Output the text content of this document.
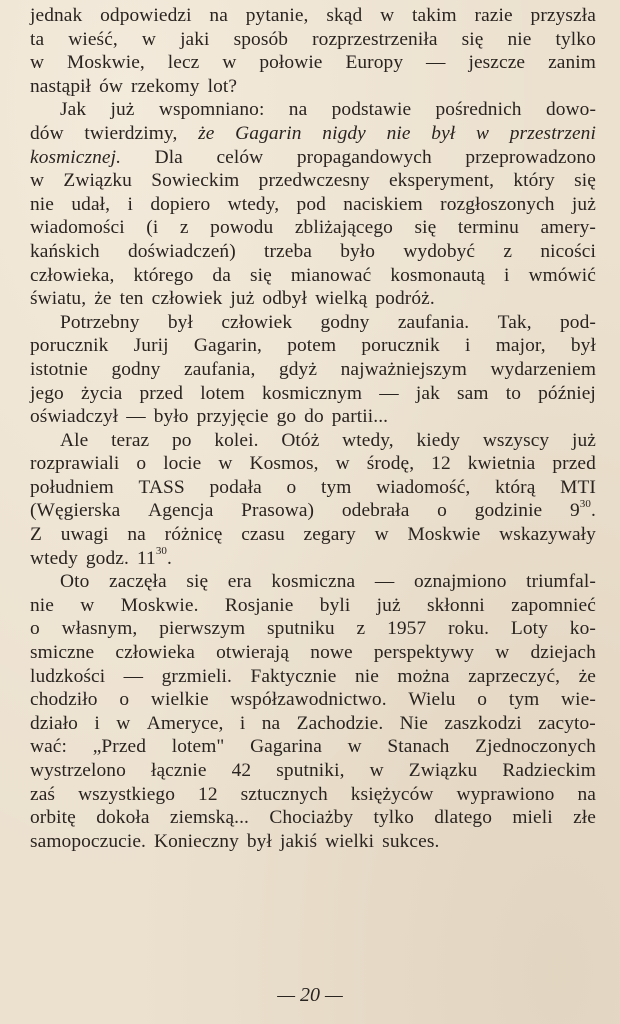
jednak odpowiedzi na pytanie, skąd w takim razie przyszła
ta wieść, w jaki sposób rozprzestrzeniła się nie tylko
w Moskwie, lecz w połowie Europy — jeszcze zanim
nastąpił ów rzekomy lot?
Jak już wspomniano: na podstawie pośrednich dowo-
dów twierdzimy, że Gagarin nigdy nie był w przestrzeni
kosmicznej. Dla celów propagandowych przeprowadzono
w Związku Sowieckim przedwczesny eksperyment, który się
nie udał, i dopiero wtedy, pod naciskiem rozgłoszonych już
wiadomości (i z powodu zbliżającego się terminu amery-
kańskich doświadczeń) trzeba było wydobyć z nicości
człowieka, którego da się mianować kosmonautą i wmówić
światu, że ten człowiek już odbył wielką podróż.
Potrzebny był człowiek godny zaufania. Tak, pod-
porucznik Jurij Gagarin, potem porucznik i major, był
istotnie godny zaufania, gdyż najważniejszym wydarzeniem
jego życia przed lotem kosmicznym — jak sam to później
oświadczył — było przyjęcie go do partii...
Ale teraz po kolei. Otóż wtedy, kiedy wszyscy już
rozprawiali o locie w Kosmos, w środę, 12 kwietnia przed
południem TASS podała o tym wiadomość, którą MTI
(Węgierska Agencja Prasowa) odebrała o godzinie $9^{30}$.
Z uwagi na różnicę czasu zegary w Moskwie wskazywały
wtedy godz. $11^{30}$.
Oto zaczęła się era kosmiczna — oznajmiono triumfal-
nie w Moskwie. Rosjanie byli już skłonni zapomnieć
o własnym, pierwszym sputniku z 1957 roku. Loty ko-
smiczne człowieka otwierają nowe perspektywy w dziejach
ludzkości — grzmieli. Faktycznie nie można zaprzeczyć, że
chodziło o wielkie współzawodnictwo. Wielu o tym wie-
działo i w Ameryce, i na Zachodzie. Nie zaszkodzi zacyto-
wać: „Przed lotem" Gagarina w Stanach Zjednoczonych
wystrzelono łącznie 42 sputniki, w Związku Radzieckim
zaś wszystkiego 12 sztucznych księżyców wyprawiono na
orbitę dokoła ziemską... Chociażby tylko dlatego mieli złe
samopoczucie. Konieczny był jakiś wielki sukces.
— 20 —
